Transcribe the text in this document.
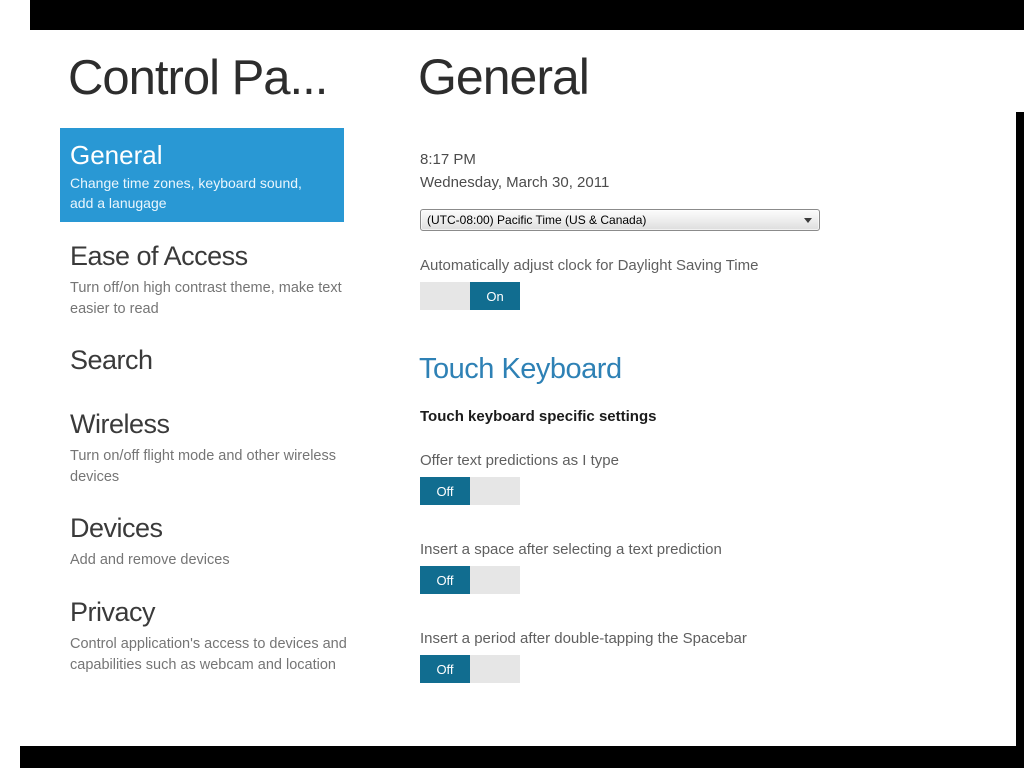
Control Pa...
General
Change time zones, keyboard sound, add a lanugage
Ease of Access
Turn off/on high contrast theme, make text easier to read
Search
Wireless
Turn on/off flight mode and other wireless devices
Devices
Add and remove devices
Privacy
Control application's access to devices and capabilities such as webcam and location
General
8:17 PM
Wednesday, March 30, 2011
(UTC-08:00) Pacific Time (US & Canada)
Automatically adjust clock for Daylight Saving Time
On
Touch Keyboard
Touch keyboard specific settings
Offer text predictions as I type
Off
Insert a space after selecting a text prediction
Off
Insert a period after double-tapping the Spacebar
Off
